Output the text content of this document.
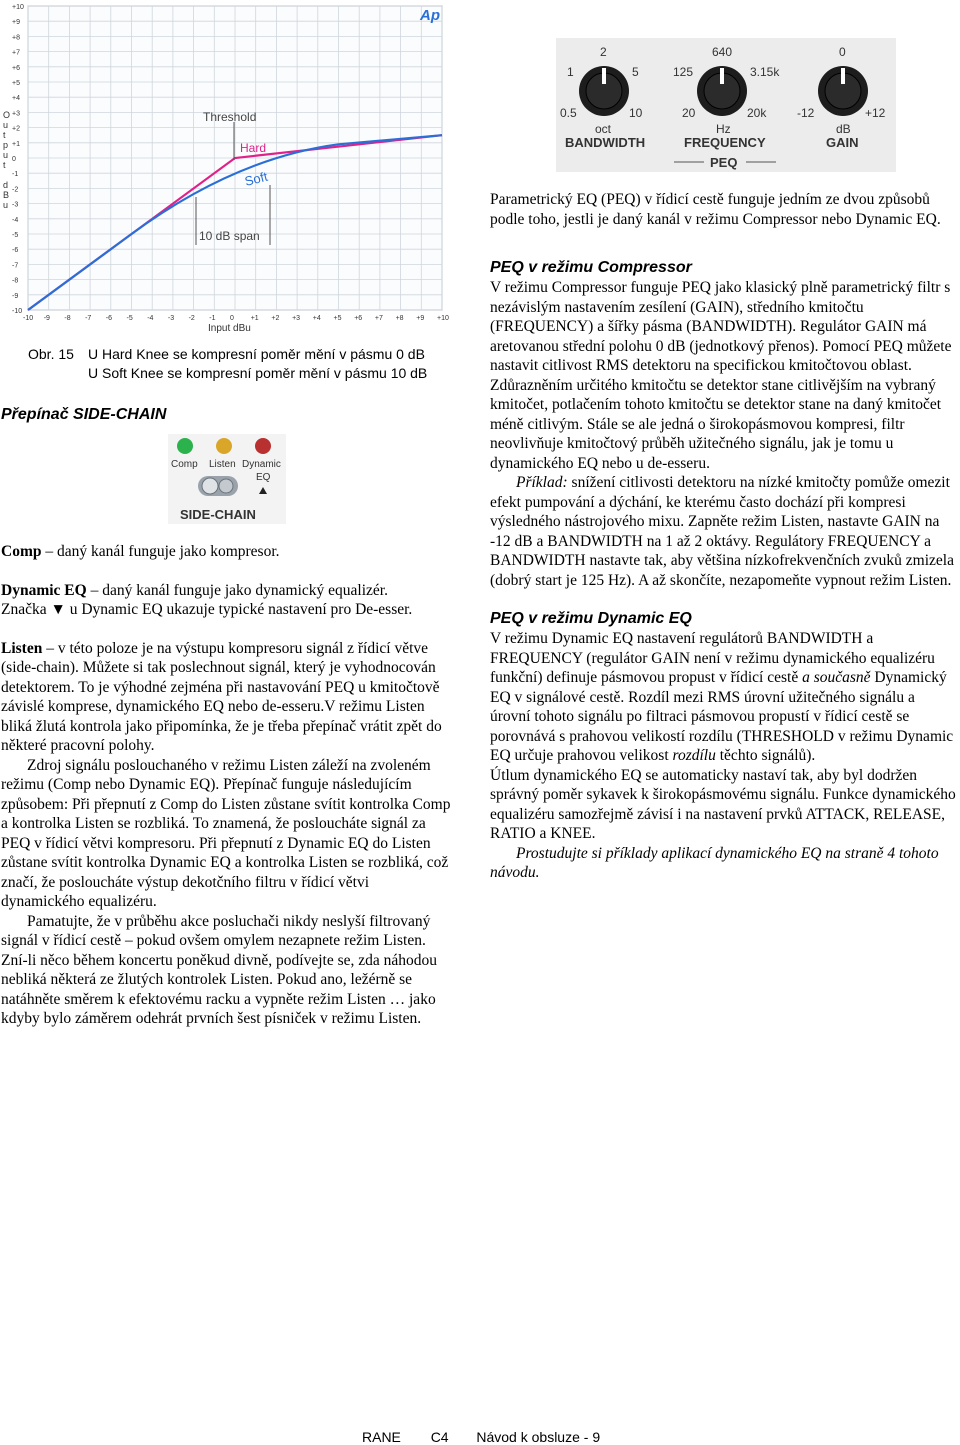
+10
+9
+8
+7
+6
+5
+4
+3
+2
+1
0
-1
-2
-3
-4
-5
-6
-7
-8
-9
-10
-10 -9 -8 -7 -6 -5 -4 -3 -2 -1 0 +1 +2 +3 +4 +5 +6 +7 +8 +9 +10
Ap
O
u
t
p
u
t
d
B
u
Threshold
Hard
Soft
10 dB span
Input dBu
Obr. 15 U Hard Knee se kompresní poměr mění v pásmu 0 dB
U Soft Knee se kompresní poměr mění v pásmu 10 dB
Přepínač SIDE-CHAIN
Comp Listen Dynamic
EQ
SIDE-CHAIN

Comp – daný kanál funguje jako kompresor.

Dynamic EQ – daný kanál funguje jako dynamický equalizér.

Značka ▼ u Dynamic EQ ukazuje typické nastavení pro De-esser.

Listen – v této poloze je na výstupu kompresoru signál z řídicí větve (side-chain). Můžete si tak poslechnout signál, který je vyhodnocován detektorem. To je výhodné zejména při nastavování PEQ u kmitočtově závislé komprese, dynamického EQ nebo de-esseru.V režimu Listen bliká žlutá kontrola jako připomínka, že je třeba přepínač vrátit zpět do některé pracovní polohy.

Zdroj signálu poslouchaného v režimu Listen záleží na zvoleném režimu (Comp nebo Dynamic EQ). Přepínač funguje následujícím způsobem: Při přepnutí z Comp do Listen zůstane svítit kontrolka Comp a kontrolka Listen se rozbliká. To znamená, že posloucháte signál za PEQ v řídicí větvi kompresoru. Při přepnutí z Dynamic EQ do Listen zůstane svítit kontrolka Dynamic EQ a kontrolka Listen se rozbliká, což značí, že posloucháte výstup dekotčního filtru v řídicí větvi dynamického equalizéru.

Pamatujte, že v průběhu akce posluchači nikdy neslyší filtrovaný signál v řídicí cestě – pokud ovšem omylem nezapnete režim Listen. Zní-li něco během koncertu poněkud divně, podívejte se, zda náhodou nebliká některá ze žlutých kontrolek Listen. Pokud ano, ležérně se natáhněte směrem k efektovému racku a vypněte režim Listen … jako kdyby bylo záměrem odehrát prvních šest písniček v režimu Listen.

2
1	5
0.5	10
oct
BANDWIDTH
640
125	3.15k
20	20k
Hz
FREQUENCY
0
-12	+12
dB
GAIN
PEQ

Parametrický EQ (PEQ) v řídicí cestě funguje jedním ze dvou způsobů podle toho, jestli je daný kanál v režimu Compressor nebo Dynamic EQ.

PEQ v režimu Compressor

V režimu Compressor funguje PEQ jako klasický plně parametrický filtr s nezávislým nastavením zesílení (GAIN), středního kmitočtu (FREQUENCY) a šířky pásma (BANDWIDTH). Regulátor GAIN má aretovanou střední polohu 0 dB (jednotkový přenos). Pomocí PEQ můžete nastavit citlivost RMS detektoru na specifickou kmitočtovou oblast. Zdůrazněním určitého kmitočtu se detektor stane citlivějším na vybraný kmitočet, potlačením tohoto kmitočtu se detektor stane na daný kmitočet méně citlivým. Stále se ale jedná o širokopásmovou kompresi, filtr neovlivňuje kmitočtový průběh užitečného signálu, jak je tomu u dynamického EQ nebo u de-esseru.

Příklad: snížení citlivosti detektoru na nízké kmitočty pomůže omezit efekt pumpování a dýchání, ke kterému často dochází při kompresi výsledného nástrojového mixu. Zapněte režim Listen, nastavte GAIN na -12 dB a BANDWIDTH na 1 až 2 oktávy. Regulátory FREQUENCY a BANDWIDTH nastavte tak, aby většina nízkofrekvenčních zvuků zmizela (dobrý start je 125 Hz). A až skončíte, nezapomeňte vypnout režim Listen.

PEQ v režimu Dynamic EQ

V režimu Dynamic EQ nastavení regulátorů BANDWIDTH a FREQUENCY (regulátor GAIN není v režimu dynamického equalizéru funkční) definuje pásmovou propust v řídicí cestě a současně Dynamický EQ v signálové cestě. Rozdíl mezi RMS úrovní užitečného signálu a úrovní tohoto signálu po filtraci pásmovou propustí v řídicí cestě se porovnává s prahovou velikostí rozdílu (THRESHOLD v režimu Dynamic EQ určuje prahovou velikost rozdílu těchto signálů).

Útlum dynamického EQ se automaticky nastaví tak, aby byl dodržen správný poměr sykavek k širokopásmovému signálu. Funkce dynamického equalizéru samozřejmě závisí i na nastavení prvků ATTACK, RELEASE, RATIO a KNEE.

Prostudujte si příklady aplikací dynamického EQ na straně 4 tohoto návodu.

RANE C4 Návod k obsluze - 9
